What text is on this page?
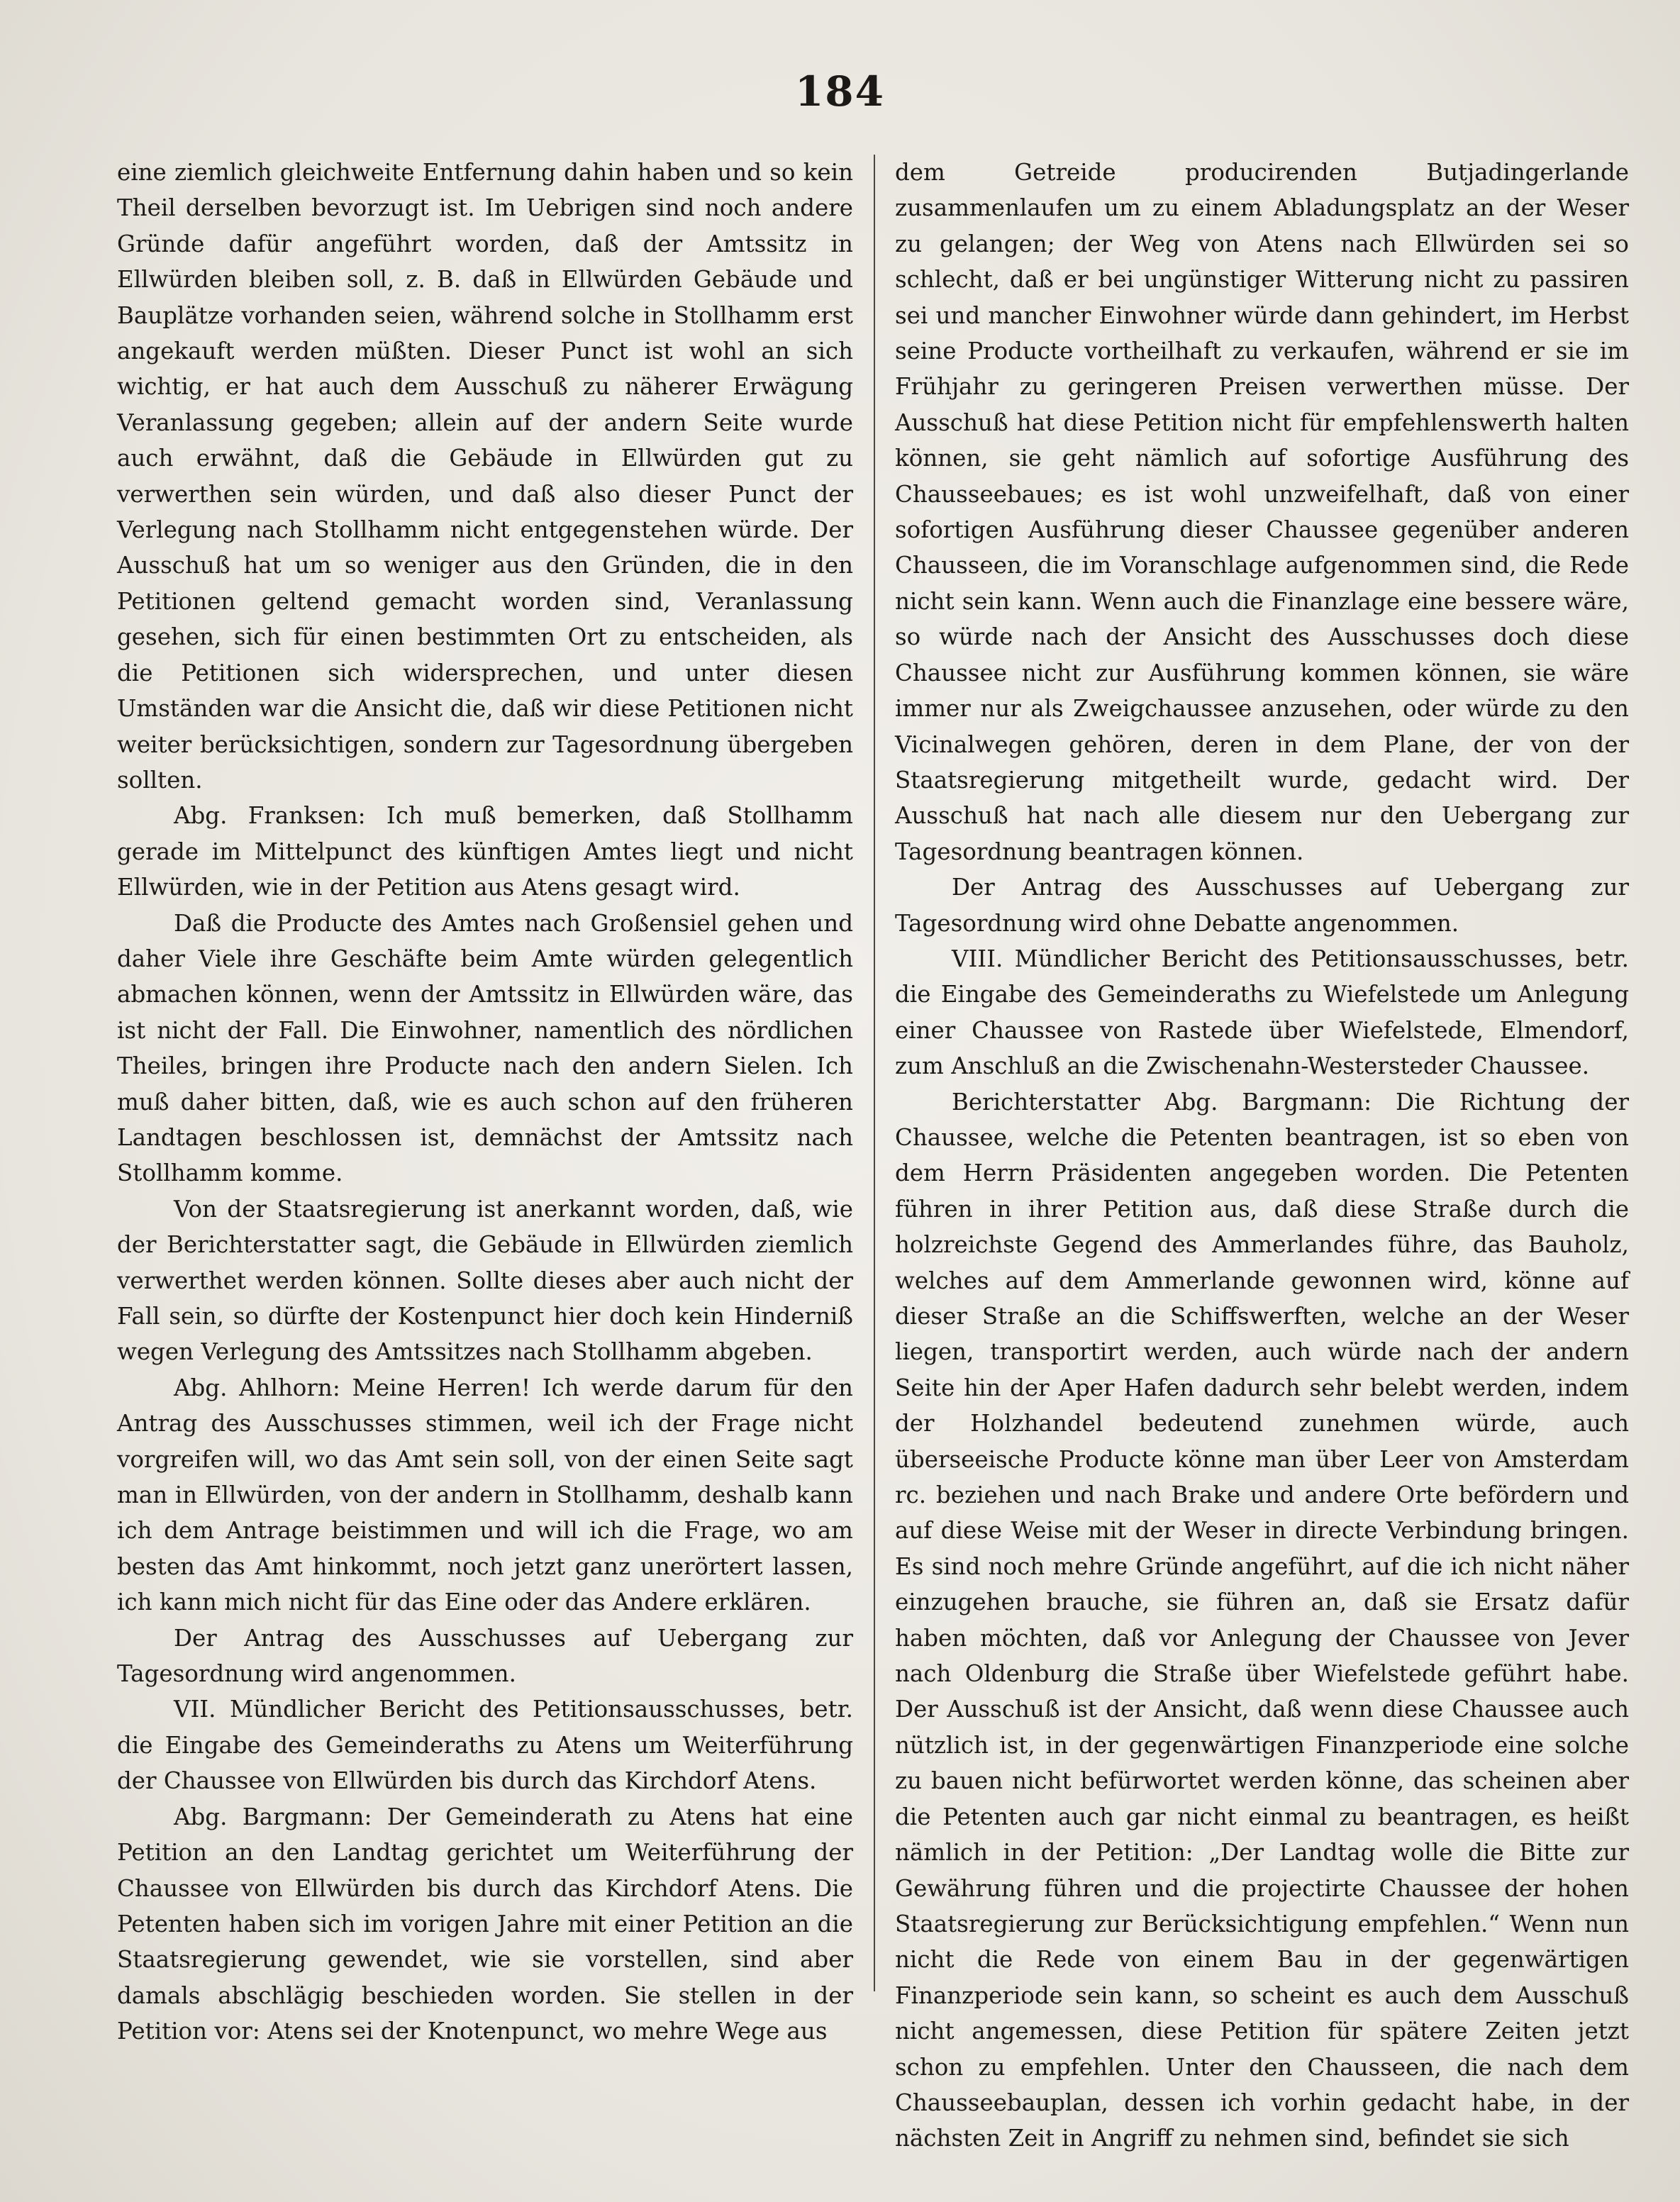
184

eine ziemlich gleichweite Entfernung dahin haben und so kein Theil derselben bevorzugt ist. Im Uebrigen sind noch andere Gründe dafür angeführt worden, daß der Amtssitz in Ellwürden bleiben soll, z. B. daß in Ellwürden Gebäude und Bauplätze vorhanden seien, während solche in Stollhamm erst angekauft werden müßten. Dieser Punct ist wohl an sich wichtig, er hat auch dem Ausschuß zu näherer Erwägung Veranlassung gegeben; allein auf der andern Seite wurde auch erwähnt, daß die Gebäude in Ellwürden gut zu verwerthen sein würden, und daß also dieser Punct der Verlegung nach Stollhamm nicht entgegenstehen würde. Der Ausschuß hat um so weniger aus den Gründen, die in den Petitionen geltend gemacht worden sind, Veranlassung gesehen, sich für einen bestimmten Ort zu entscheiden, als die Petitionen sich widersprechen, und unter diesen Umständen war die Ansicht die, daß wir diese Petitionen nicht weiter berücksichtigen, sondern zur Tagesordnung übergeben sollten.

Abg. Franksen: Ich muß bemerken, daß Stollhamm gerade im Mittelpunct des künftigen Amtes liegt und nicht Ellwürden, wie in der Petition aus Atens gesagt wird.

Daß die Producte des Amtes nach Großensiel gehen und daher Viele ihre Geschäfte beim Amte würden gelegentlich abmachen können, wenn der Amtssitz in Ellwürden wäre, das ist nicht der Fall. Die Einwohner, namentlich des nördlichen Theiles, bringen ihre Producte nach den andern Sielen. Ich muß daher bitten, daß, wie es auch schon auf den früheren Landtagen beschlossen ist, demnächst der Amtssitz nach Stollhamm komme.

Von der Staatsregierung ist anerkannt worden, daß, wie der Berichterstatter sagt, die Gebäude in Ellwürden ziemlich verwerthet werden können. Sollte dieses aber auch nicht der Fall sein, so dürfte der Kostenpunct hier doch kein Hinderniß wegen Verlegung des Amtssitzes nach Stollhamm abgeben.

Abg. Ahlhorn: Meine Herren! Ich werde darum für den Antrag des Ausschusses stimmen, weil ich der Frage nicht vorgreifen will, wo das Amt sein soll, von der einen Seite sagt man in Ellwürden, von der andern in Stollhamm, deshalb kann ich dem Antrage beistimmen und will ich die Frage, wo am besten das Amt hinkommt, noch jetzt ganz unerörtert lassen, ich kann mich nicht für das Eine oder das Andere erklären.

Der Antrag des Ausschusses auf Uebergang zur Tagesordnung wird angenommen.

VII. Mündlicher Bericht des Petitionsausschusses, betr. die Eingabe des Gemeinderaths zu Atens um Weiterführung der Chaussee von Ellwürden bis durch das Kirchdorf Atens.

Abg. Bargmann: Der Gemeinderath zu Atens hat eine Petition an den Landtag gerichtet um Weiterführung der Chaussee von Ellwürden bis durch das Kirchdorf Atens. Die Petenten haben sich im vorigen Jahre mit einer Petition an die Staatsregierung gewendet, wie sie vorstellen, sind aber damals abschlägig beschieden worden. Sie stellen in der Petition vor: Atens sei der Knotenpunct, wo mehre Wege aus

dem Getreide producirenden Butjadingerlande zusammenlaufen um zu einem Abladungsplatz an der Weser zu gelangen; der Weg von Atens nach Ellwürden sei so schlecht, daß er bei ungünstiger Witterung nicht zu passiren sei und mancher Einwohner würde dann gehindert, im Herbst seine Producte vortheilhaft zu verkaufen, während er sie im Frühjahr zu geringeren Preisen verwerthen müsse. Der Ausschuß hat diese Petition nicht für empfehlenswerth halten können, sie geht nämlich auf sofortige Ausführung des Chausseebaues; es ist wohl unzweifelhaft, daß von einer sofortigen Ausführung dieser Chaussee gegenüber anderen Chausseen, die im Voranschlage aufgenommen sind, die Rede nicht sein kann. Wenn auch die Finanzlage eine bessere wäre, so würde nach der Ansicht des Ausschusses doch diese Chaussee nicht zur Ausführung kommen können, sie wäre immer nur als Zweigchaussee anzusehen, oder würde zu den Vicinalwegen gehören, deren in dem Plane, der von der Staatsregierung mitgetheilt wurde, gedacht wird. Der Ausschuß hat nach alle diesem nur den Uebergang zur Tagesordnung beantragen können.

Der Antrag des Ausschusses auf Uebergang zur Tagesordnung wird ohne Debatte angenommen.

VIII. Mündlicher Bericht des Petitionsausschusses, betr. die Eingabe des Gemeinderaths zu Wiefelstede um Anlegung einer Chaussee von Rastede über Wiefelstede, Elmendorf, zum Anschluß an die Zwischenahn-Westersteder Chaussee.

Berichterstatter Abg. Bargmann: Die Richtung der Chaussee, welche die Petenten beantragen, ist so eben von dem Herrn Präsidenten angegeben worden. Die Petenten führen in ihrer Petition aus, daß diese Straße durch die holzreichste Gegend des Ammerlandes führe, das Bauholz, welches auf dem Ammerlande gewonnen wird, könne auf dieser Straße an die Schiffswerften, welche an der Weser liegen, transportirt werden, auch würde nach der andern Seite hin der Aper Hafen dadurch sehr belebt werden, indem der Holzhandel bedeutend zunehmen würde, auch überseeische Producte könne man über Leer von Amsterdam rc. beziehen und nach Brake und andere Orte befördern und auf diese Weise mit der Weser in directe Verbindung bringen. Es sind noch mehre Gründe angeführt, auf die ich nicht näher einzugehen brauche, sie führen an, daß sie Ersatz dafür haben möchten, daß vor Anlegung der Chaussee von Jever nach Oldenburg die Straße über Wiefelstede geführt habe. Der Ausschuß ist der Ansicht, daß wenn diese Chaussee auch nützlich ist, in der gegenwärtigen Finanzperiode eine solche zu bauen nicht befürwortet werden könne, das scheinen aber die Petenten auch gar nicht einmal zu beantragen, es heißt nämlich in der Petition: „Der Landtag wolle die Bitte zur Gewährung führen und die projectirte Chaussee der hohen Staatsregierung zur Berücksichtigung empfehlen.“ Wenn nun nicht die Rede von einem Bau in der gegenwärtigen Finanzperiode sein kann, so scheint es auch dem Ausschuß nicht angemessen, diese Petition für spätere Zeiten jetzt schon zu empfehlen. Unter den Chausseen, die nach dem Chausseebauplan, dessen ich vorhin gedacht habe, in der nächsten Zeit in Angriff zu nehmen sind, befindet sie sich
